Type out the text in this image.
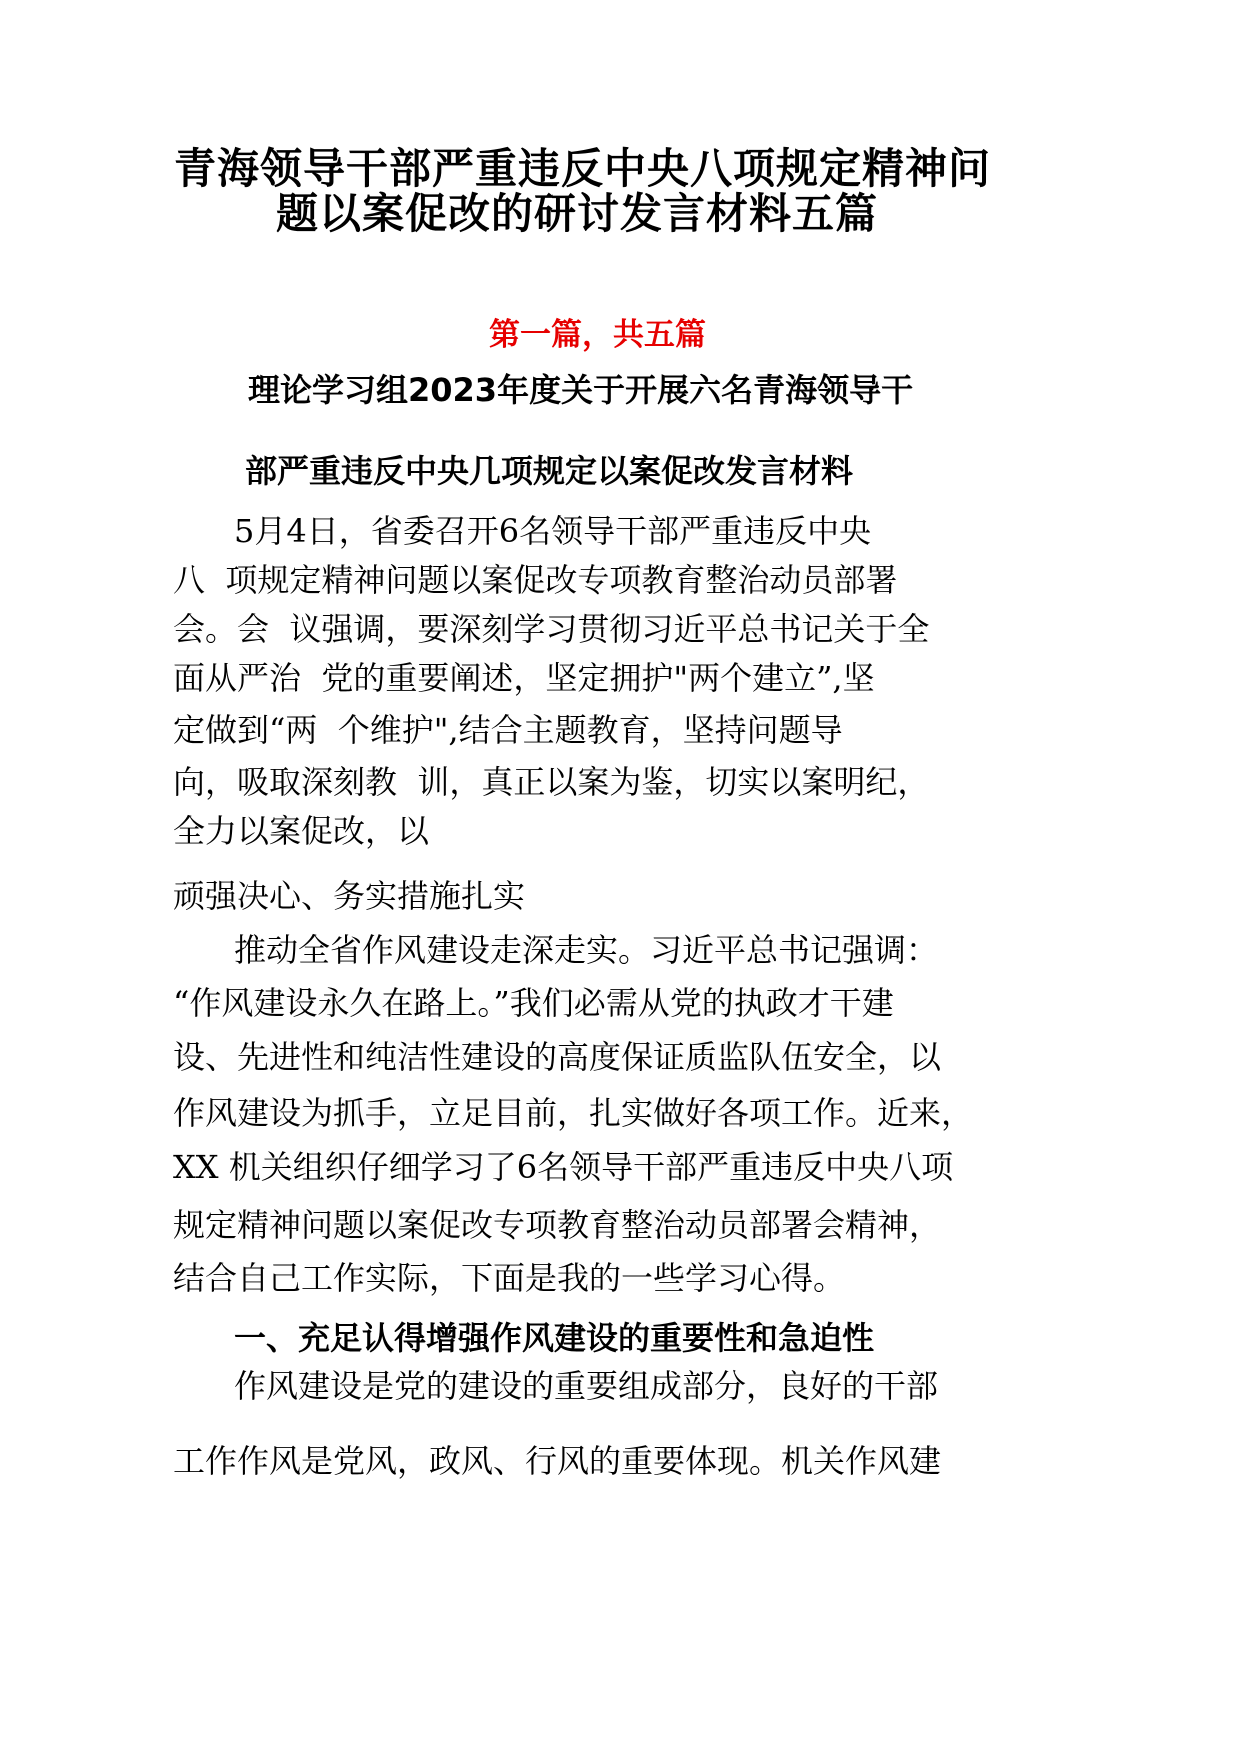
青海领导干部严重违反中央八项规定精神问
题以案促改的研讨发言材料五篇
第一篇，共五篇
理论学习组2023年度关于开展六名青海领导干
部严重违反中央几项规定以案促改发言材料
5月4日，省委召开6名领导干部严重违反中央
八  项规定精神问题以案促改专项教育整治动员部署
会。会  议强调，要深刻学习贯彻习近平总书记关于全
面从严治  党的重要阐述，坚定拥护"两个建立”,坚
定做到“两  个维护",结合主题教育，坚持问题导
向，吸取深刻教  训，真正以案为鉴，切实以案明纪，
全力以案促改，以
顽强决心、务实措施扎实
推动全省作风建设走深走实。习近平总书记强调：
“作风建设永久在路上。”我们必需从党的执政才干建
设、先进性和纯洁性建设的高度保证质监队伍安全，以
作风建设为抓手，立足目前，扎实做好各项工作。近来，
XX 机关组织仔细学习了6名领导干部严重违反中央八项
规定精神问题以案促改专项教育整治动员部署会精神，
结合自己工作实际，下面是我的一些学习心得。
一、充足认得增强作风建设的重要性和急迫性
作风建设是党的建设的重要组成部分，良好的干部
工作作风是党风，政风、行风的重要体现。机关作风建
